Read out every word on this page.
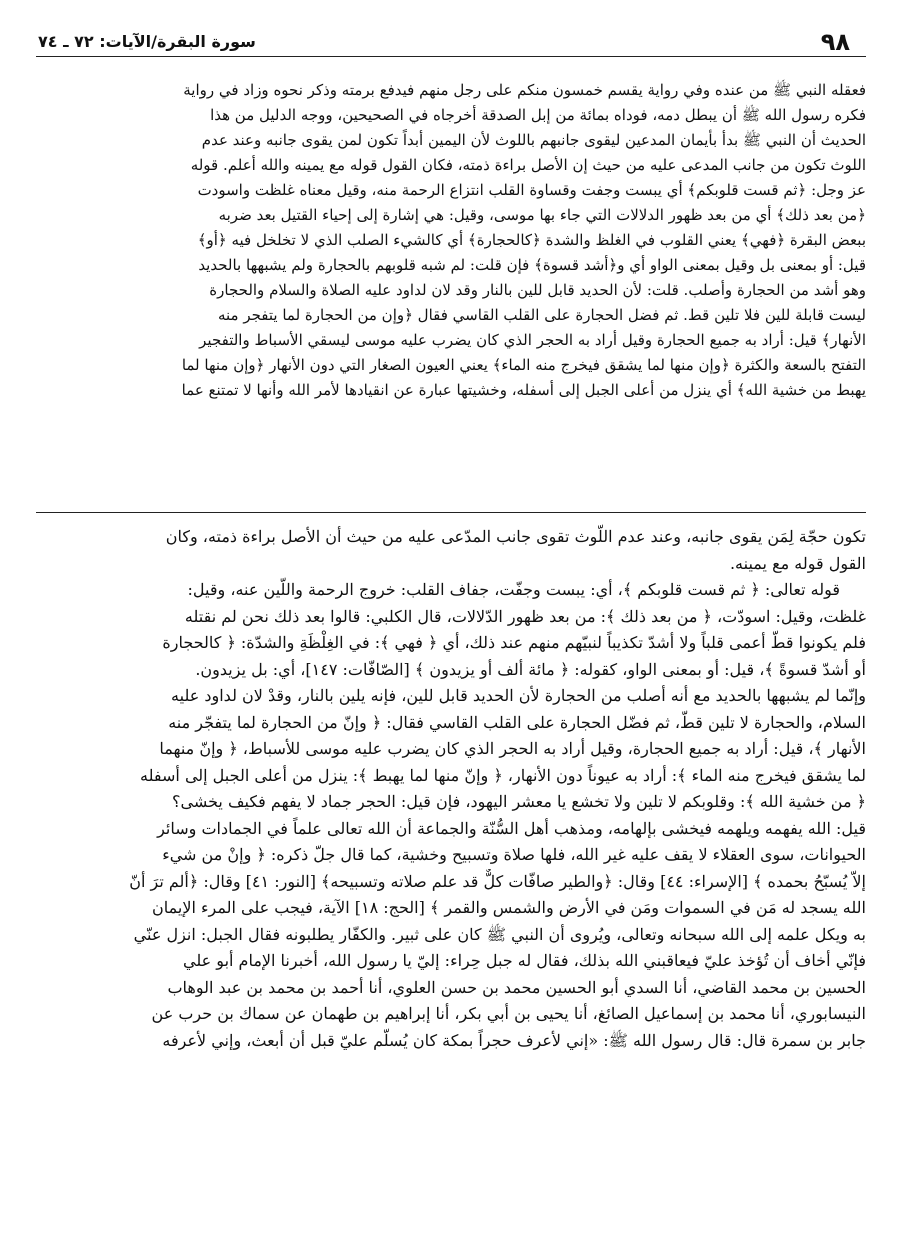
٩٨
سورة البقرة/الآيات: ٧٢ ـ ٧٤

فعقله النبي ﷺ من عنده وفي رواية يقسم خمسون منكم على رجل منهم فيدفع برمته وذكر نحوه وزاد في رواية

فكره رسول الله ﷺ أن يبطل دمه، فوداه بمائة من إبل الصدقة أخرجاه في الصحيحين، ووجه الدليل من هذا

الحديث أن النبي ﷺ بدأ بأيمان المدعين ليقوى جانبهم باللوث لأن اليمين أبداً تكون لمن يقوى جانبه وعند عدم

اللوث تكون من جانب المدعى عليه من حيث إن الأصل براءة ذمته، فكان القول قوله مع يمينه والله أعلم. قوله

عز وجل: ﴿ثم قست قلوبكم﴾ أي يبست وجفت وقساوة القلب انتزاع الرحمة منه، وقيل معناه غلظت واسودت

﴿من بعد ذلك﴾ أي من بعد ظهور الدلالات التي جاء بها موسى، وقيل: هي إشارة إلى إحياء القتيل بعد ضربه

ببعض البقرة ﴿فهي﴾ يعني القلوب في الغلظ والشدة ﴿كالحجارة﴾ أي كالشيء الصلب الذي لا تخلخل فيه ﴿أو﴾

قيل: أو بمعنى بل وقيل بمعنى الواو أي و﴿أشد قسوة﴾ فإن قلت: لم شبه قلوبهم بالحجارة ولم يشبهها بالحديد

وهو أشد من الحجارة وأصلب. قلت: لأن الحديد قابل للين بالنار وقد لان لداود عليه الصلاة والسلام والحجارة

ليست قابلة للين فلا تلين قط. ثم فضل الحجارة على القلب القاسي فقال ﴿وإن من الحجارة لما يتفجر منه

الأنهار﴾ قيل: أراد به جميع الحجارة وقيل أراد به الحجر الذي كان يضرب عليه موسى ليسقي الأسباط والتفجير

التفتح بالسعة والكثرة ﴿وإن منها لما يشقق فيخرج منه الماء﴾ يعني العيون الصغار التي دون الأنهار ﴿وإن منها لما

يهبط من خشية الله﴾ أي ينزل من أعلى الجبل إلى أسفله، وخشيتها عبارة عن انقيادها لأمر الله وأنها لا تمتنع عما

تكون حجّة لِمَن يقوى جانبه، وعند عدم اللّوث تقوى جانب المدّعى عليه من حيث أن الأصل براءة ذمته، وكان

القول قوله مع يمينه.

قوله تعالى: ﴿ ثم قست قلوبكم ﴾، أي: يبست وجفّت، جفاف القلب: خروج الرحمة واللّين عنه، وقيل:

غلظت، وقيل: اسودّت، ﴿ من بعد ذلك ﴾: من بعد ظهور الدّلالات، قال الكلبي: قالوا بعد ذلك نحن لم نقتله

فلم يكونوا قطّ أعمى قلباً ولا أشدّ تكذيباً لنبيّهم منهم عند ذلك، أي ﴿ فهي ﴾: في الغِلْظَةِ والشدّة: ﴿ كالحجارة

أو أشدّ قسوةً ﴾، قيل: أو بمعنى الواو، كقوله: ﴿ مائة ألف أو يزيدون ﴾ [الصّافّات: ١٤٧]، أي: بل يزيدون.

وإنّما لم يشبهها بالحديد مع أنه أصلب من الحجارة لأن الحديد قابل للين، فإنه يلين بالنار، وقدْ لان لداود عليه

السلام، والحجارة لا تلين قطّ، ثم فضّل الحجارة على القلب القاسي فقال: ﴿ وإنّ من الحجارة لما يتفجّر منه

الأنهار ﴾، قيل: أراد به جميع الحجارة، وقيل أراد به الحجر الذي كان يضرب عليه موسى للأسباط، ﴿ وإنّ منهما

لما يشقق فيخرج منه الماء ﴾: أراد به عيوناً دون الأنهار، ﴿ وإنّ منها لما يهبط ﴾: ينزل من أعلى الجبل إلى أسفله

﴿ من خشية الله ﴾: وقلوبكم لا تلين ولا تخشع يا معشر اليهود، فإن قيل: الحجر جماد لا يفهم فكيف يخشى؟

قيل: الله يفهمه ويلهمه فيخشى بإلهامه، ومذهب أهل السُّنّة والجماعة أن الله تعالى علماً في الجمادات وسائر

الحيوانات، سوى العقلاء لا يقف عليه غير الله، فلها صلاة وتسبيح وخشية، كما قال جلّ ذكره: ﴿ وإنْ من شيء

إلاّ يُسبّحُ بحمده ﴾ [الإسراء: ٤٤] وقال: ﴿والطير صافّات كلٌّ قد علم صلاته وتسبيحه﴾ [النور: ٤١] وقال: ﴿ألم ترَ أنّ

الله يسجد له مَن في السموات ومَن في الأرض والشمس والقمر ﴾ [الحج: ١٨] الآية، فيجب على المرء الإيمان

به ويكل علمه إلى الله سبحانه وتعالى، ويُروى أن النبي ﷺ كان على ثبير. والكفّار يطلبونه فقال الجبل: انزل عنّي

فإنّي أخاف أن تُؤخذ عليّ فيعاقبني الله بذلك، فقال له جبل حِراء: إليّ يا رسول الله، أخبرنا الإمام أبو علي

الحسين بن محمد القاضي، أنا السدي أبو الحسين محمد بن حسن العلوي، أنا أحمد بن محمد بن عبد الوهاب

النيسابوري، أنا محمد بن إسماعيل الصائغ، أنا يحيى بن أبي بكر، أنا إبراهيم بن طهمان عن سماك بن حرب عن

جابر بن سمرة قال: قال رسول الله ﷺ: «إني لأعرف حجراً بمكة كان يُسلّم عليّ قبل أن أبعث، وإني لأعرفه
